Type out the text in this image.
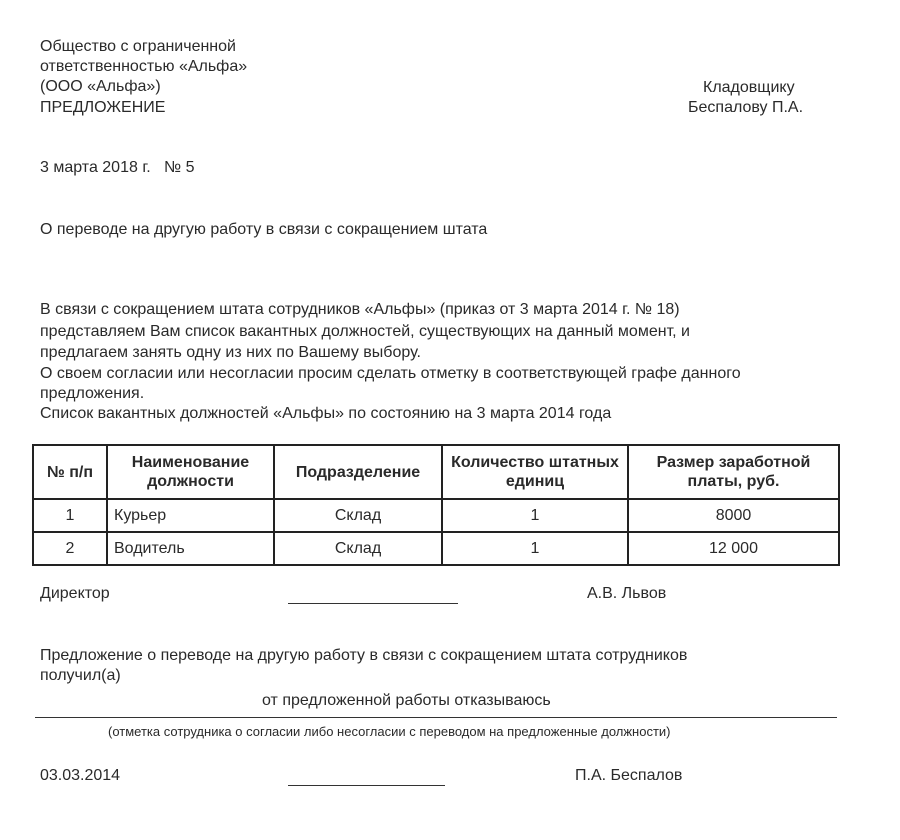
Общество с ограниченной
ответственностью «Альфа»
(ООО «Альфа»)
ПРЕДЛОЖЕНИЕ
Кладовщику
Беспалову П.А.
3 марта 2018 г.   № 5
О переводе на другую работу в связи с сокращением штата
В связи с сокращением штата сотрудников «Альфы» (приказ от 3 марта 2014 г. № 18)
представляем Вам список вакантных должностей, существующих на данный момент, и
предлагаем занять одну из них по Вашему выбору.
О своем согласии или несогласии просим сделать отметку в соответствующей графе данного
предложения.
Список вакантных должностей «Альфы» по состоянию на 3 марта 2014 года
№ п/п	Наименование должности	Подразделение	Количество штатных единиц	Размер заработной платы, руб.
1	Курьер	Склад	1	8000
2	Водитель	Склад	1	12 000
Директор	А.В. Львов
Предложение о переводе на другую работу в связи с сокращением штата сотрудников
получил(а)
от предложенной работы отказываюсь
(отметка сотрудника о согласии либо несогласии с переводом на предложенные должности)
03.03.2014	П.А. Беспалов
